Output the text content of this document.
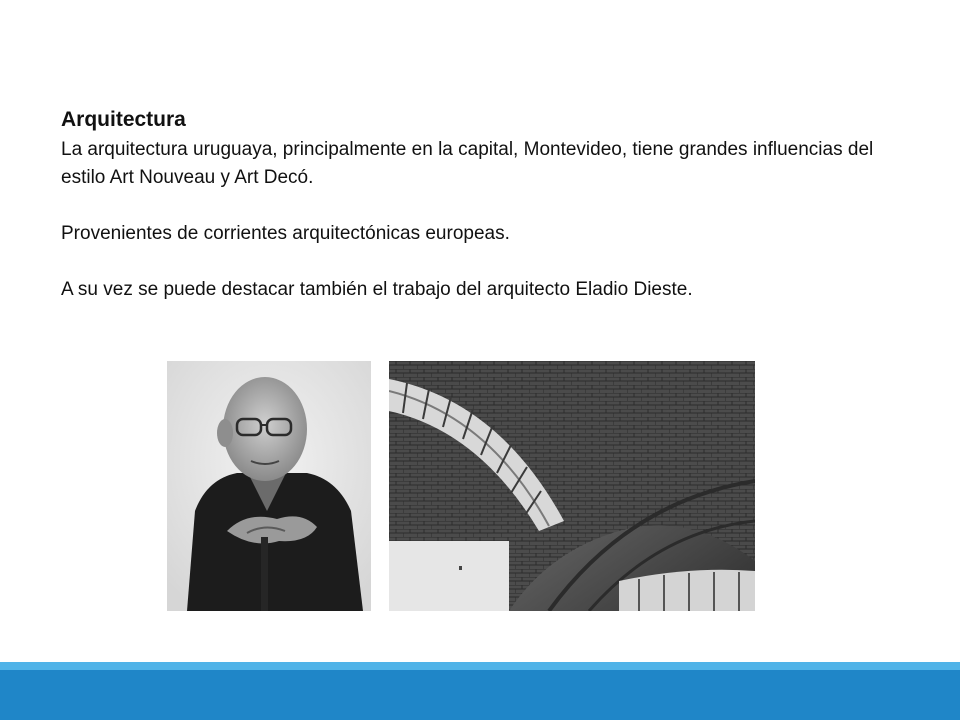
Arquitectura

La arquitectura uruguaya, principalmente en la capital, Montevideo, tiene grandes influencias del estilo Art Nouveau y Art Decó.

Provenientes de corrientes arquitectónicas europeas.

A su vez se puede destacar también el trabajo del arquitecto Eladio Dieste.
